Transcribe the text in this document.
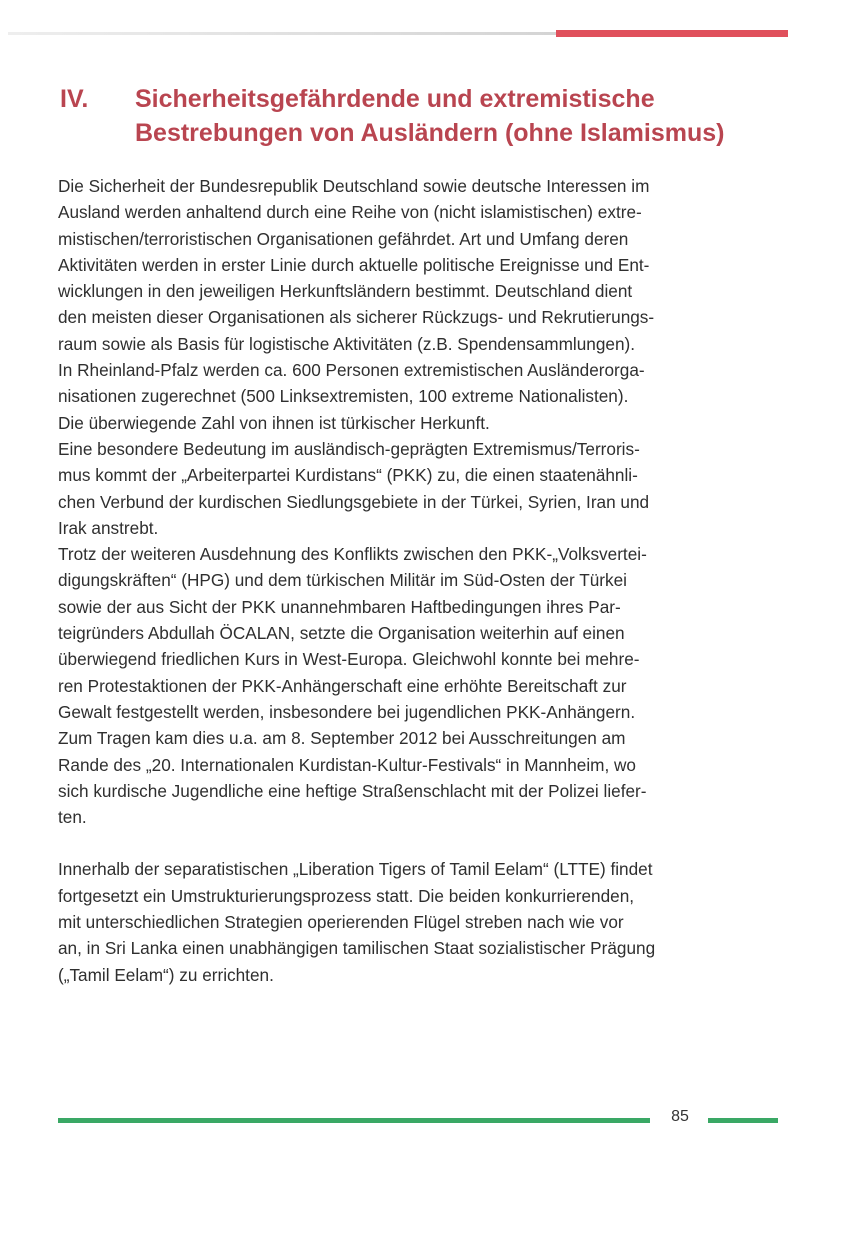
IV. Sicherheitsgefährdende und extremistische
Bestrebungen von Ausländern (ohne Islamismus)

Die Sicherheit der Bundesrepublik Deutschland sowie deutsche Interessen im

Ausland werden anhaltend durch eine Reihe von (nicht islamistischen) extre-

mistischen/terroristischen Organisationen gefährdet. Art und Umfang deren

Aktivitäten werden in erster Linie durch aktuelle politische Ereignisse und Ent-

wicklungen in den jeweiligen Herkunftsländern bestimmt. Deutschland dient

den meisten dieser Organisationen als sicherer Rückzugs- und Rekrutierungs-

raum sowie als Basis für logistische Aktivitäten (z.B. Spendensammlungen).

In Rheinland-Pfalz werden ca. 600 Personen extremistischen Ausländerorga-

nisationen zugerechnet (500 Linksextremisten, 100 extreme Nationalisten).

Die überwiegende Zahl von ihnen ist türkischer Herkunft.

Eine besondere Bedeutung im ausländisch-geprägten Extremismus/Terroris-

mus kommt der „Arbeiterpartei Kurdistans“ (PKK) zu, die einen staatenähnli-

chen Verbund der kurdischen Siedlungsgebiete in der Türkei, Syrien, Iran und

Irak anstrebt.

Trotz der weiteren Ausdehnung des Konflikts zwischen den PKK-„Volksvertei-

digungskräften“ (HPG) und dem türkischen Militär im Süd-Osten der Türkei

sowie der aus Sicht der PKK unannehmbaren Haftbedingungen ihres Par-

teigründers Abdullah ÖCALAN, setzte die Organisation weiterhin auf einen

überwiegend friedlichen Kurs in West-Europa. Gleichwohl konnte bei mehre-

ren Protestaktionen der PKK-Anhängerschaft eine erhöhte Bereitschaft zur

Gewalt festgestellt werden, insbesondere bei jugendlichen PKK-Anhängern.

Zum Tragen kam dies u.a. am 8. September 2012 bei Ausschreitungen am

Rande des „20. Internationalen Kurdistan-Kultur-Festivals“ in Mannheim, wo

sich kurdische Jugendliche eine heftige Straßenschlacht mit der Polizei liefer-

ten.

Innerhalb der separatistischen „Liberation Tigers of Tamil Eelam“ (LTTE) findet

fortgesetzt ein Umstrukturierungsprozess statt. Die beiden konkurrierenden,

mit unterschiedlichen Strategien operierenden Flügel streben nach wie vor

an, in Sri Lanka einen unabhängigen tamilischen Staat sozialistischer Prägung

(„Tamil Eelam“) zu errichten.

85
